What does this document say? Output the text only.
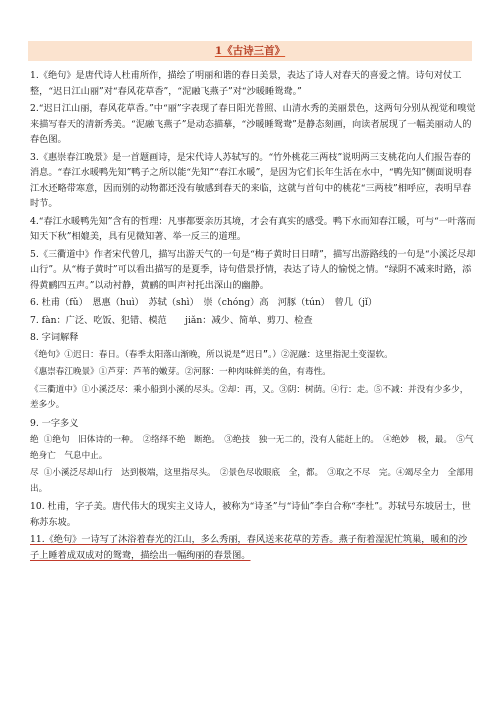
1《古诗三首》

1.《绝句》是唐代诗人杜甫所作，描绘了明丽和谐的春日美景，表达了诗人对春天的喜爱之情。诗句对仗工整，“迟日江山丽”对“春风花草香”，“泥融飞燕子”对“沙暖睡鸳鸯。”

2.“迟日江山丽，春风花草香。”中“丽”字表现了春日阳光普照、山清水秀的美丽景色，这两句分别从视觉和嗅觉来描写春天的清新秀美。“泥融飞燕子”是动态描摹，“沙暖睡鸳鸯”是静态刻画，向读者展现了一幅美丽动人的春色图。

3.《惠崇春江晚景》是一首题画诗，是宋代诗人苏轼写的。“竹外桃花三两枝”说明两三支桃花向人们报告春的消息。“春江水暖鸭先知”鸭子之所以能“先知”“春江水暖”，是因为它们长年生活在水中，“鸭先知”侧面说明春江水还略带寒意，因而别的动物都还没有敏感到春天的来临，这就与首句中的桃花“三两枝”相呼应，表明早春时节。

4.“春江水暖鸭先知”含有的哲理：凡事都要亲历其境，才会有真实的感受。鸭下水而知春江暖，可与“一叶落而知天下秋”相媲美，具有见微知著、举一反三的道理。

5.《三衢道中》作者宋代曾几，描写出游天气的一句是“梅子黄时日日晴”，描写出游路线的一句是“小溪泛尽却山行”。从“梅子黄时”可以看出描写的是夏季，诗句借景抒情，表达了诗人的愉悦之情。“绿阴不减来时路，添得黄鹂四五声。”以动衬静，黄鹂的叫声衬托出深山的幽静。

6. 杜甫（fǔ）　恩惠（huì）　苏轼（shì）　崇（chóng）高　河豚（tún）　曾几（jǐ）

7. fàn：广泛、吃饭、犯错、模范　　jiǎn：减少、简单、剪刀、检查

8. 字词解释

《绝句》①迟日：春日。（春季太阳落山渐晚，所以说是“迟日”。）②泥融：这里指泥土变湿软。

《惠崇春江晚景》①芦芽：芦苇的嫩芽。②河豚：一种肉味鲜美的鱼，有毒性。

《三衢道中》①小溪泛尽：乘小船到小溪的尽头。②却：再，又。③阴：树荫。④行：走。⑤不减：并没有少多少，差多少。

9. 一字多义

绝 ①绝句　旧体诗的一种。　②络绎不绝　断绝。　③绝技　独一无二的，没有人能赶上的。　④绝妙　极，最。　⑤气绝身亡　气息中止。

尽 ①小溪泛尽却山行　达到极端，这里指尽头。　②景色尽收眼底　全，都。　③取之不尽　完。④竭尽全力　全部用出。

10. 杜甫，字子美。唐代伟大的现实主义诗人，被称为“诗圣”与“诗仙”李白合称“李杜”。苏轼号东坡居士，世称苏东坡。

11.《绝句》一诗写了沐浴着春光的江山，多么秀丽，春风送来花草的芳香。燕子衔着湿泥忙筑巢，暖和的沙子上睡着成双成对的鸳鸯，描绘出一幅绚丽的春景图。
